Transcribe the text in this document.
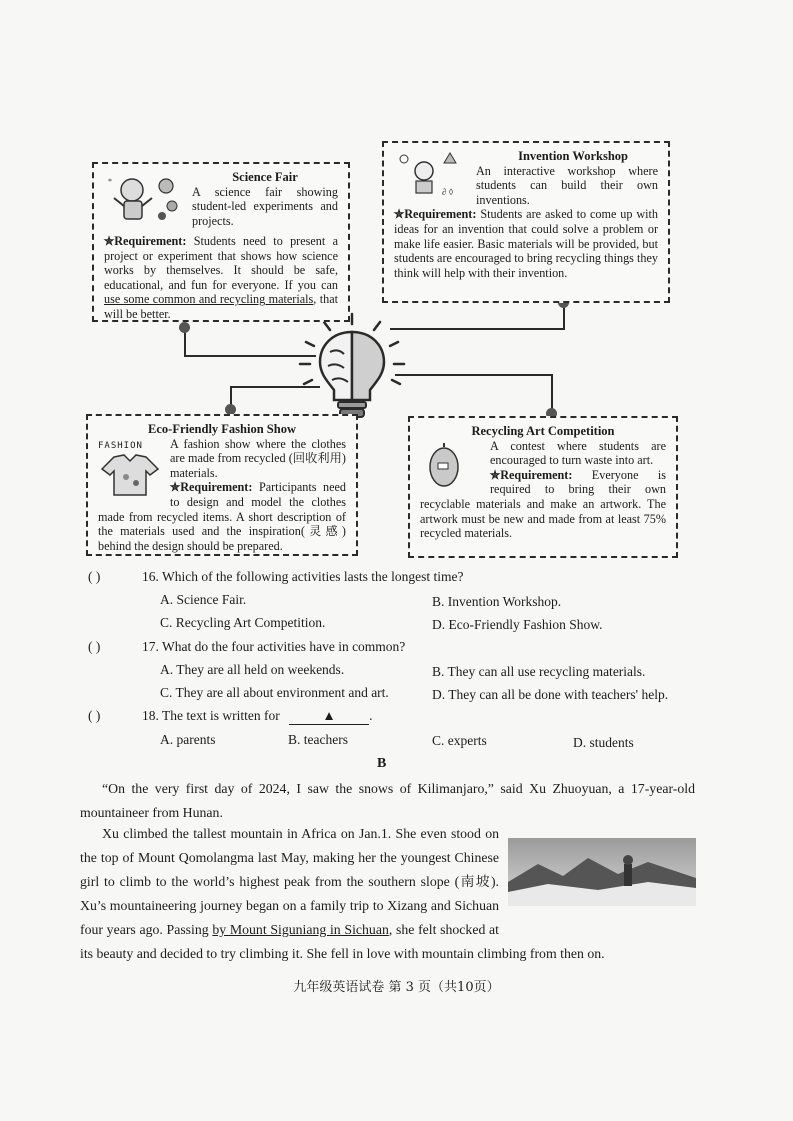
*	Science Fair

A science fair showing student-led experiments and projects.

✮Requirement: Students need to present a project or experiment that shows how science works by themselves. It should be safe, educational, and fun for everyone. If you can use some common and recycling materials, that will be better.

∂ ◊
Invention Workshop

An interactive workshop where students can build their own inventions.

✮Requirement: Students are asked to come up with ideas for an invention that could solve a problem or make life easier. Basic materials will be provided, but students are encouraged to bring recycling things they think will help with their invention.

Eco-Friendly Fashion Show
FASHION	A fashion show where the clothes are made from recycled (回收利用) materials.

✮Requirement: Participants need to design and model the clothes made from recycled items. A short description of the materials used and the inspiration(灵感) behind the design should be prepared.

Recycling Art Competition

A contest where students are encouraged to turn waste into art.

✮Requirement: Everyone is required to bring their own recyclable materials and make an artwork. The artwork must be new and made from at least 75% recycled materials.

( )	16. Which of the following activities lasts the longest time?
A. Science Fair.	B. Invention Workshop.
C. Recycling Art Competition.	D. Eco-Friendly Fashion Show.
( )	17. What do the four activities have in common?
A. They are all held on weekends.	B. They can all use recycling materials.
C. They are all about environment and art.	D. They can all be done with teachers' help.
( )	18. The text is written for	▲ .
A. parents	B. teachers	C. experts	D. students
B
“On the very first day of 2024, I saw the snows of Kilimanjaro,” said Xu Zhuoyuan, a 17-year-old mountaineer from Hunan.
Xu climbed the tallest mountain in Africa on Jan.1. She even stood on the top of Mount Qomolangma last May, making her the youngest Chinese girl to climb to the world’s highest peak from the southern slope (南坡). Xu’s mountaineering journey began on a family trip to Xizang and Sichuan four years ago. Passing by Mount Siguniang in Sichuan, she felt shocked at its beauty and decided to try climbing it. She fell in love with mountain climbing from then on.
九年级英语试卷 第 3 页（共10页）
